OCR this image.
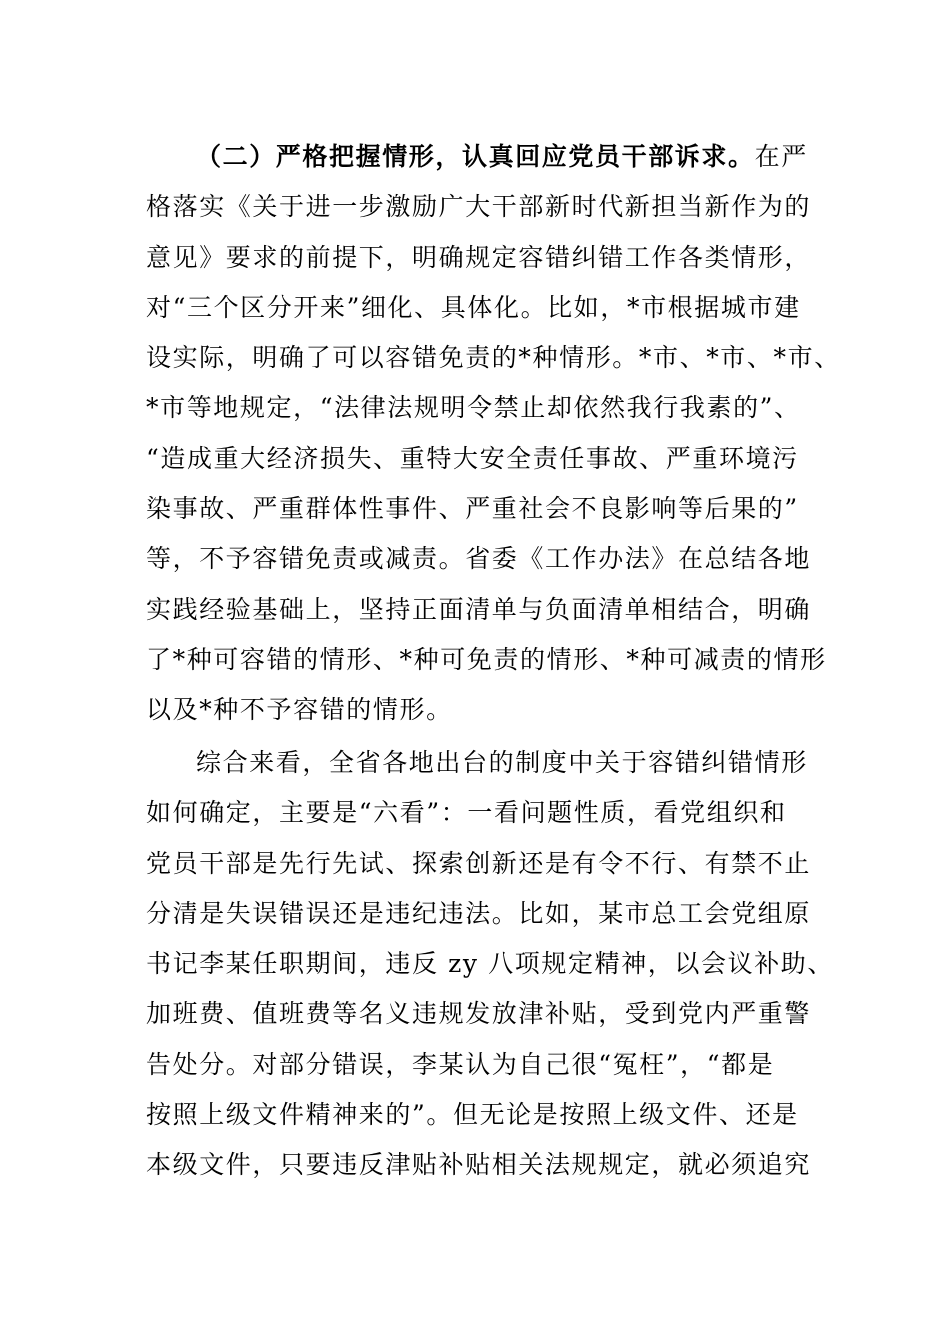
（二）严格把握情形，认真回应党员干部诉求。在严
格落实《关于进一步激励广大干部新时代新担当新作为的
意见》要求的前提下，明确规定容错纠错工作各类情形，
对“三个区分开来”细化、具体化。比如，*市根据城市建
设实际，明确了可以容错免责的*种情形。*市、*市、*市、
*市等地规定，“法律法规明令禁止却依然我行我素的”、
“造成重大经济损失、重特大安全责任事故、严重环境污
染事故、严重群体性事件、严重社会不良影响等后果的”
等，不予容错免责或减责。省委《工作办法》在总结各地
实践经验基础上，坚持正面清单与负面清单相结合，明确
了*种可容错的情形、*种可免责的情形、*种可减责的情形
以及*种不予容错的情形。
综合来看，全省各地出台的制度中关于容错纠错情形
如何确定，主要是“六看”：一看问题性质，看党组织和
党员干部是先行先试、探索创新还是有令不行、有禁不止
分清是失误错误还是违纪违法。比如，某市总工会党组原
书记李某任职期间，违反 zy 八项规定精神，以会议补助、
加班费、值班费等名义违规发放津补贴，受到党内严重警
告处分。对部分错误，李某认为自己很“冤枉”，“都是
按照上级文件精神来的”。但无论是按照上级文件、还是
本级文件，只要违反津贴补贴相关法规规定，就必须追究
